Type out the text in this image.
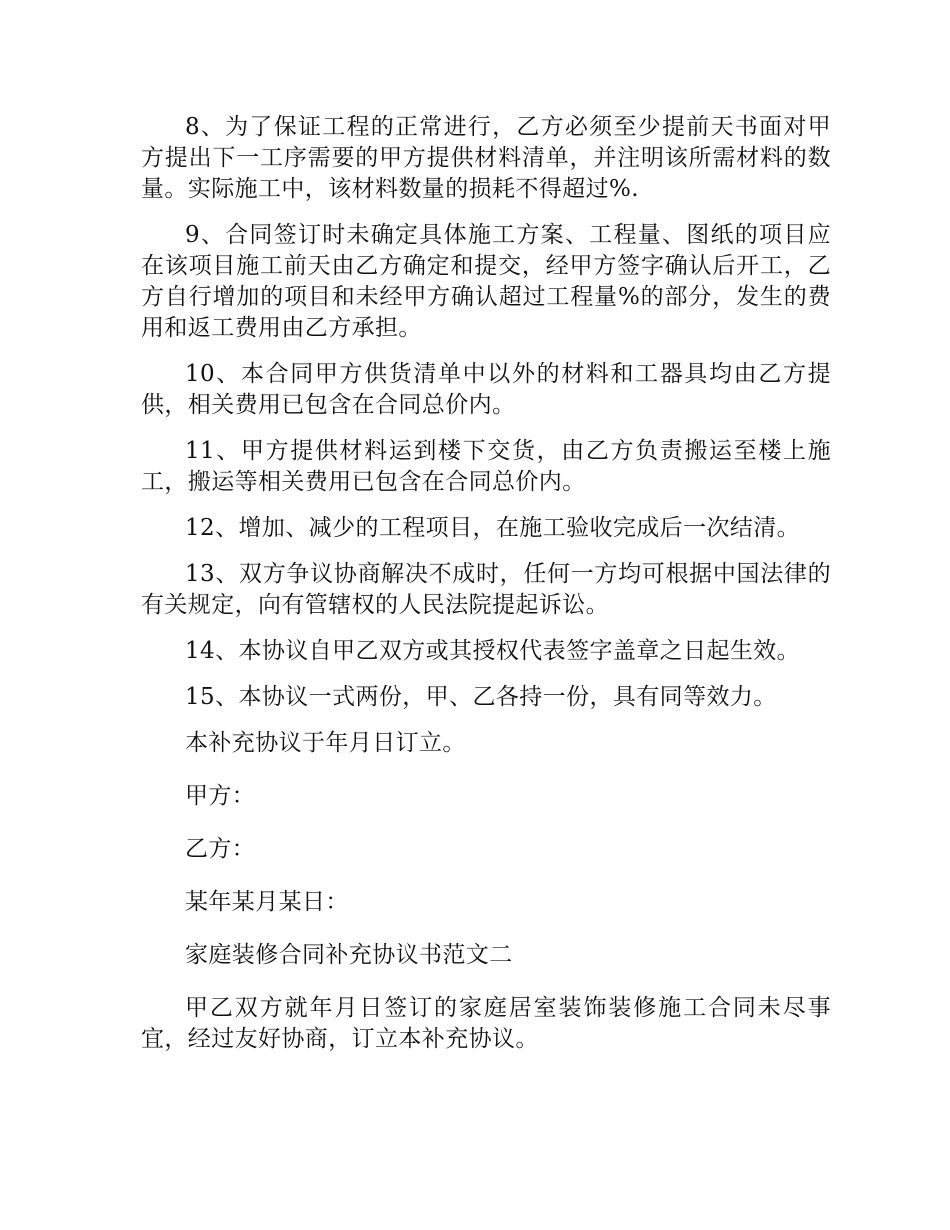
8、为了保证工程的正常进行，乙方必须至少提前天书面对甲方提出下一工序需要的甲方提供材料清单，并注明该所需材料的数量。实际施工中，该材料数量的损耗不得超过%.

9、合同签订时未确定具体施工方案、工程量、图纸的项目应在该项目施工前天由乙方确定和提交，经甲方签字确认后开工，乙方自行增加的项目和未经甲方确认超过工程量%的部分，发生的费用和返工费用由乙方承担。

10、本合同甲方供货清单中以外的材料和工器具均由乙方提供，相关费用已包含在合同总价内。

11、甲方提供材料运到楼下交货，由乙方负责搬运至楼上施工，搬运等相关费用已包含在合同总价内。

12、增加、减少的工程项目，在施工验收完成后一次结清。

13、双方争议协商解决不成时，任何一方均可根据中国法律的有关规定，向有管辖权的人民法院提起诉讼。

14、本协议自甲乙双方或其授权代表签字盖章之日起生效。

15、本协议一式两份，甲、乙各持一份，具有同等效力。

本补充协议于年月日订立。

甲方：

乙方：

某年某月某日：

家庭装修合同补充协议书范文二

甲乙双方就年月日签订的家庭居室装饰装修施工合同未尽事宜，经过友好协商，订立本补充协议。
